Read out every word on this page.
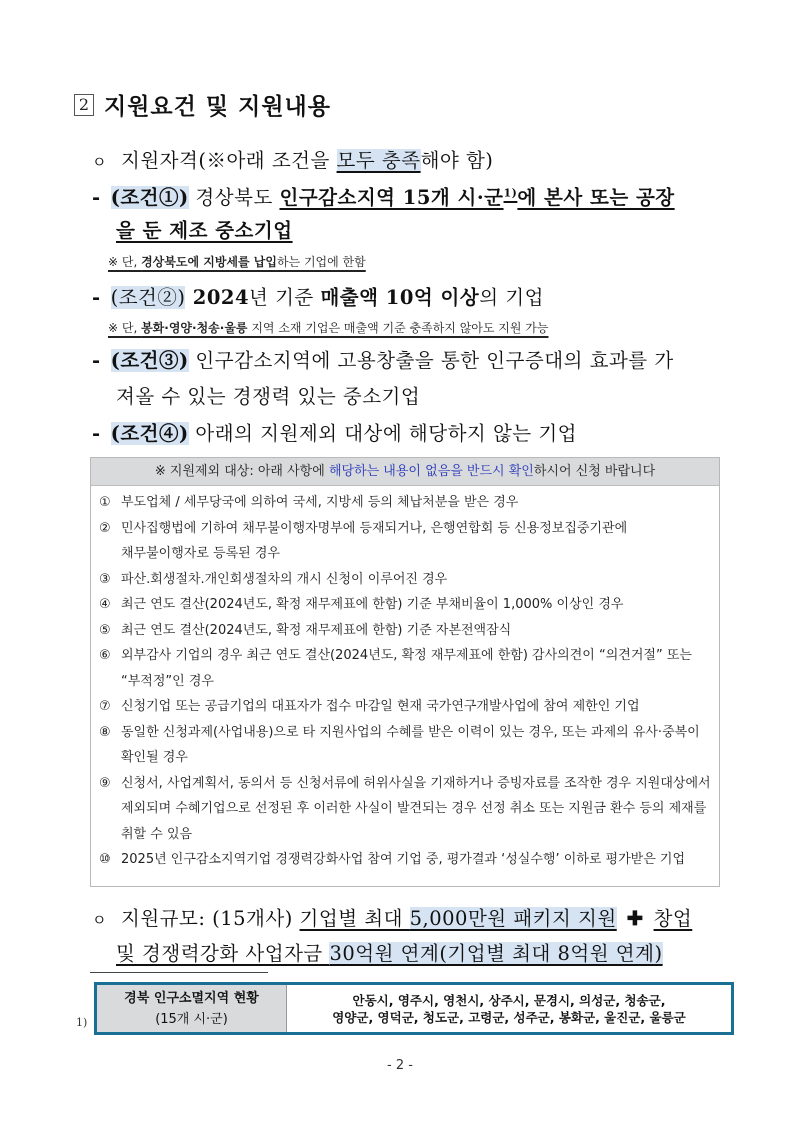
2 지원요건 및 지원내용
ㅇ 지원자격(※아래 조건을 모두 충족해야 함)
- (조건①) 경상북도 인구감소지역 15개 시·군$^{1)}$에 본사 또는 공장
을 둔 제조 중소기업
※ 단, 경상북도에 지방세를 납입하는 기업에 한함
- (조건②) 2024년 기준 매출액 10억 이상의 기업
※ 단, 봉화·영양·청송·울릉 지역 소재 기업은 매출액 기준 충족하지 않아도 지원 가능
- (조건③) 인구감소지역에 고용창출을 통한 인구증대의 효과를 가
져올 수 있는 경쟁력 있는 중소기업
- (조건④) 아래의 지원제외 대상에 해당하지 않는 기업
※ 지원제외 대상: 아래 사항에 해당하는 내용이 없음을 반드시 확인하시어 신청 바랍니다
① 부도업체 / 세무당국에 의하여 국세, 지방세 등의 체납처분을 받은 경우
② 민사집행법에 기하여 채무불이행자명부에 등재되거나, 은행연합회 등 신용정보집중기관에 채무불이행자로 등록된 경우
③ 파산.회생절차.개인회생절차의 개시 신청이 이루어진 경우
④ 최근 연도 결산(2024년도, 확정 재무제표에 한함) 기준 부채비율이 1,000% 이상인 경우
⑤ 최근 연도 결산(2024년도, 확정 재무제표에 한함) 기준 자본전액잠식
⑥ 외부감사 기업의 경우 최근 연도 결산(2024년도, 확정 재무제표에 한함) 감사의견이 “의견거절” 또는 “부적정”인 경우
⑦ 신청기업 또는 공급기업의 대표자가 접수 마감일 현재 국가연구개발사업에 참여 제한인 기업
⑧ 동일한 신청과제(사업내용)으로 타 지원사업의 수혜를 받은 이력이 있는 경우, 또는 과제의 유사·중복이 확인될 경우
⑨ 신청서, 사업계획서, 동의서 등 신청서류에 허위사실을 기재하거나 증빙자료를 조작한 경우 지원대상에서 제외되며 수혜기업으로 선정된 후 이러한 사실이 발견되는 경우 선정 취소 또는 지원금 환수 등의 제재를 취할 수 있음
⑩ 2025년 인구감소지역기업 경쟁력강화사업 참여 기업 중, 평가결과 ‘성실수행’ 이하로 평가받은 기업
ㅇ 지원규모: (15개사) 기업별 최대 5,000만원 패키지 지원 ✚ 창업
및 경쟁력강화 사업자금 30억원 연계(기업별 최대 8억원 연계)
1)
경북 인구소멸지역 현황
(15개 시·군)
안동시, 영주시, 영천시, 상주시, 문경시, 의성군, 청송군,
영양군, 영덕군, 청도군, 고령군, 성주군, 봉화군, 울진군, 울릉군
- 2 -
